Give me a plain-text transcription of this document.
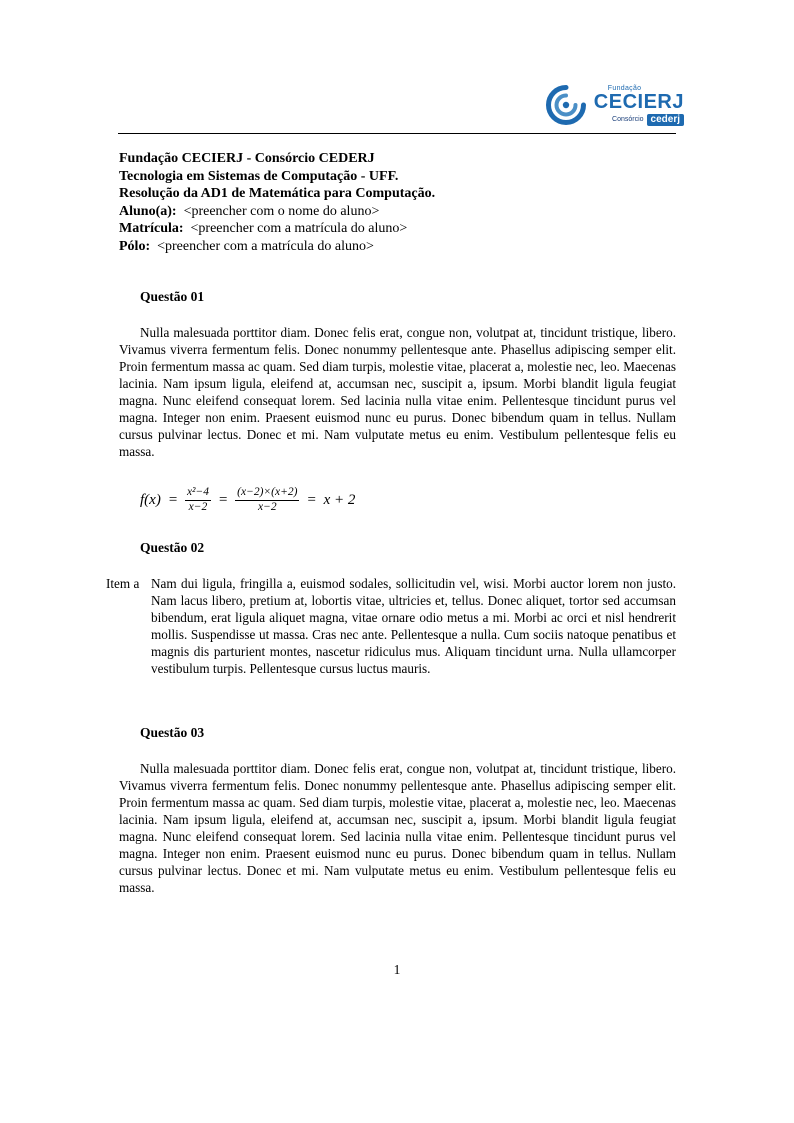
Fundação
CECIERJ
Consórcio cederj
Fundação CECIERJ - Consórcio CEDERJ
Tecnologia em Sistemas de Computação - UFF.
Resolução da AD1 de Matemática para Computação.
Aluno(a): <preencher com o nome do aluno>
Matrícula: <preencher com a matrícula do aluno>
Pólo: <preencher com a matrícula do aluno>
Questão 01

Nulla malesuada porttitor diam. Donec felis erat, congue non, volutpat at, tincidunt tristique, libero. Vivamus viverra fermentum felis. Donec nonummy pellentesque ante. Phasellus adipiscing semper elit. Proin fermentum massa ac quam. Sed diam turpis, molestie vitae, placerat a, molestie nec, leo. Maecenas lacinia. Nam ipsum ligula, eleifend at, accumsan nec, suscipit a, ipsum. Morbi blandit ligula feugiat magna. Nunc eleifend consequat lorem. Sed lacinia nulla vitae enim. Pellentesque tincidunt purus vel magna. Integer non enim. Praesent euismod nunc eu purus. Donec bibendum quam in tellus. Nullam cursus pulvinar lectus. Donec et mi. Nam vulputate metus eu enim. Vestibulum pellentesque felis eu massa.

$f(x) = \frac{\text{x²−4}}{x-2} = \frac{(x-2)\times(x+2)}{x-2} = x + 2$
Questão 02
Item a Nam dui ligula, fringilla a, euismod sodales, sollicitudin vel, wisi. Morbi auctor lorem non justo. Nam lacus libero, pretium at, lobortis vitae, ultricies et, tellus. Donec aliquet, tortor sed accumsan bibendum, erat ligula aliquet magna, vitae ornare odio metus a mi. Morbi ac orci et nisl hendrerit mollis. Suspendisse ut massa. Cras nec ante. Pellentesque a nulla. Cum sociis natoque penatibus et magnis dis parturient montes, nascetur ridiculus mus. Aliquam tincidunt urna. Nulla ullamcorper vestibulum turpis. Pellentesque cursus luctus mauris.

Questão 03

Nulla malesuada porttitor diam. Donec felis erat, congue non, volutpat at, tincidunt tristique, libero. Vivamus viverra fermentum felis. Donec nonummy pellentesque ante. Phasellus adipiscing semper elit. Proin fermentum massa ac quam. Sed diam turpis, molestie vitae, placerat a, molestie nec, leo. Maecenas lacinia. Nam ipsum ligula, eleifend at, accumsan nec, suscipit a, ipsum. Morbi blandit ligula feugiat magna. Nunc eleifend consequat lorem. Sed lacinia nulla vitae enim. Pellentesque tincidunt purus vel magna. Integer non enim. Praesent euismod nunc eu purus. Donec bibendum quam in tellus. Nullam cursus pulvinar lectus. Donec et mi. Nam vulputate metus eu enim. Vestibulum pellentesque felis eu massa.

1
